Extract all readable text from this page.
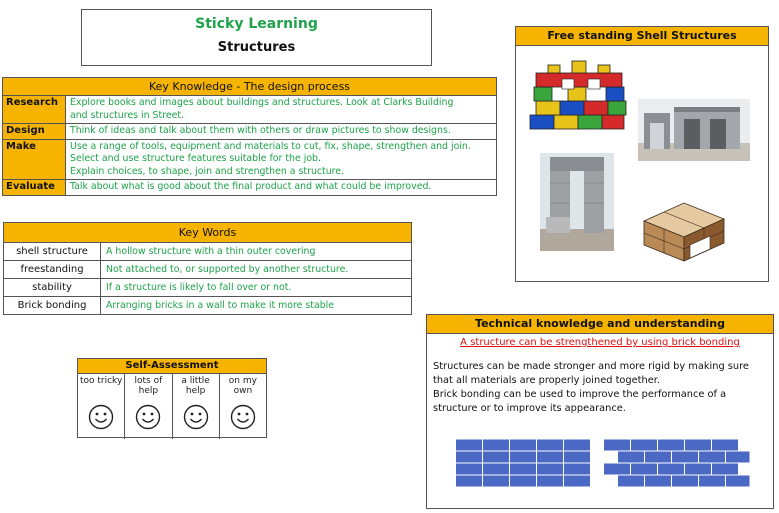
Sticky Learning
Structures
Key Knowledge - The design process	
Research	Explore books and images about buildings and structures. Look at Clarks Building
and structures in Street.

Design	Think of ideas and talk about them with others or draw pictures to show designs.

Make	Use a range of tools, equipment and materials to cut, fix, shape, strengthen and join.
Select and use structure features suitable for the job.
Explain choices, to shape, join and strengthen a structure.

Evaluate	Talk about what is good about the final product and what could be improved.
Key Words	
shell structure	A hollow structure with a thin outer covering
freestanding	Not attached to, or supported by another structure.
stability	If a structure is likely to fall over or not.
Brick bonding	Arranging bricks in a wall to make it more stable
Self-Assessment
too tricky	lots of help
a little help
on my own
Free standing Shell Structures
Technical knowledge and understanding
A structure can be strengthened by using brick bonding
Structures can be made stronger and more rigid by making sure
that all materials are properly joined together.
Brick bonding can be used to improve the performance of a
structure or to improve its appearance.
